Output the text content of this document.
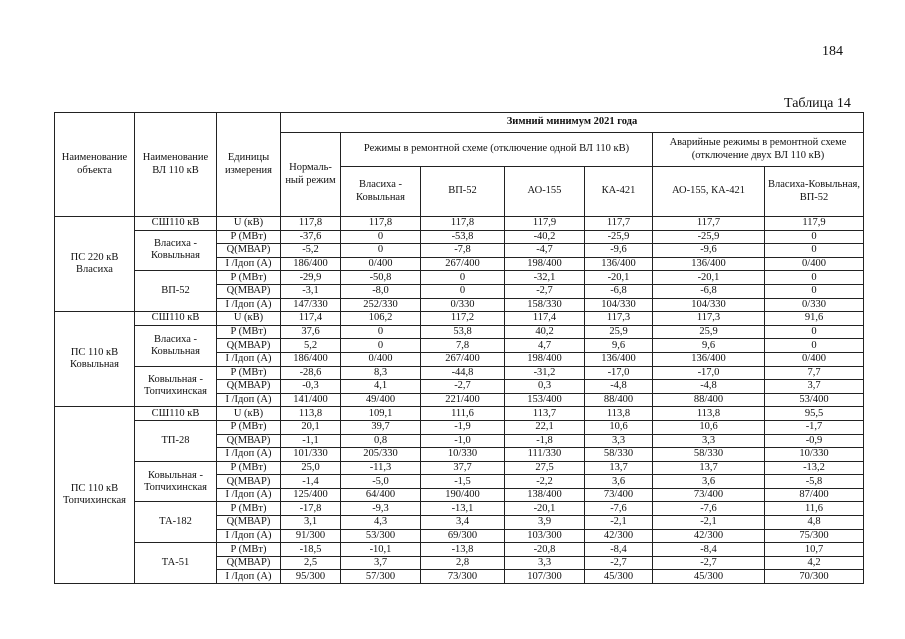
184
Таблица 14
Наименование объекта	Наименование ВЛ 110 кВ	Единицы измерения	Зимний минимум 2021 года						
			Нормаль-ный режим	Режимы в ремонтной схеме (отключение одной ВЛ 110 кВ)				Аварийные режимы в ремонтной схеме (отключение двух ВЛ 110 кВ)	
				Власиха - Ковыльная	ВП-52	АО-155	КА-421	АО-155, КА-421	Власиха-Ковыльная, ВП-52
ПС 220 кВ Власиха	СШ110 кВ	U (кВ)	117,8	117,8	117,8	117,9	117,7	117,7	117,9
	Власиха - Ковыльная	P (МВт)	-37,6	0	-53,8	-40,2	-25,9	-25,9	0
		Q(МВАР)	-5,2	0	-7,8	-4,7	-9,6	-9,6	0
		I /Iдоп (А)	186/400	0/400	267/400	198/400	136/400	136/400	0/400
	ВП-52	P (МВт)	-29,9	-50,8	0	-32,1	-20,1	-20,1	0
		Q(МВАР)	-3,1	-8,0	0	-2,7	-6,8	-6,8	0
		I /Iдоп (А)	147/330	252/330	0/330	158/330	104/330	104/330	0/330
ПС 110 кВ Ковыльная	СШ110 кВ	U (кВ)	117,4	106,2	117,2	117,4	117,3	117,3	91,6
	Власиха - Ковыльная	P (МВт)	37,6	0	53,8	40,2	25,9	25,9	0
		Q(МВАР)	5,2	0	7,8	4,7	9,6	9,6	0
		I /Iдоп (А)	186/400	0/400	267/400	198/400	136/400	136/400	0/400
	Ковыльная - Топчихинская	P (МВт)	-28,6	8,3	-44,8	-31,2	-17,0	-17,0	7,7
		Q(МВАР)	-0,3	4,1	-2,7	0,3	-4,8	-4,8	3,7
		I /Iдоп (А)	141/400	49/400	221/400	153/400	88/400	88/400	53/400
ПС 110 кВ Топчихинская	СШ110 кВ	U (кВ)	113,8	109,1	111,6	113,7	113,8	113,8	95,5
	ТП-28	P (МВт)	20,1	39,7	-1,9	22,1	10,6	10,6	-1,7
		Q(МВАР)	-1,1	0,8	-1,0	-1,8	3,3	3,3	-0,9
		I /Iдоп (А)	101/330	205/330	10/330	111/330	58/330	58/330	10/330
	Ковыльная - Топчихинская	P (МВт)	25,0	-11,3	37,7	27,5	13,7	13,7	-13,2
		Q(МВАР)	-1,4	-5,0	-1,5	-2,2	3,6	3,6	-5,8
		I /Iдоп (А)	125/400	64/400	190/400	138/400	73/400	73/400	87/400
	ТА-182	P (МВт)	-17,8	-9,3	-13,1	-20,1	-7,6	-7,6	11,6
		Q(МВАР)	3,1	4,3	3,4	3,9	-2,1	-2,1	4,8
		I /Iдоп (А)	91/300	53/300	69/300	103/300	42/300	42/300	75/300
	ТА-51	P (МВт)	-18,5	-10,1	-13,8	-20,8	-8,4	-8,4	10,7
		Q(МВАР)	2,5	3,7	2,8	3,3	-2,7	-2,7	4,2
		I /Iдоп (А)	95/300	57/300	73/300	107/300	45/300	45/300	70/300
